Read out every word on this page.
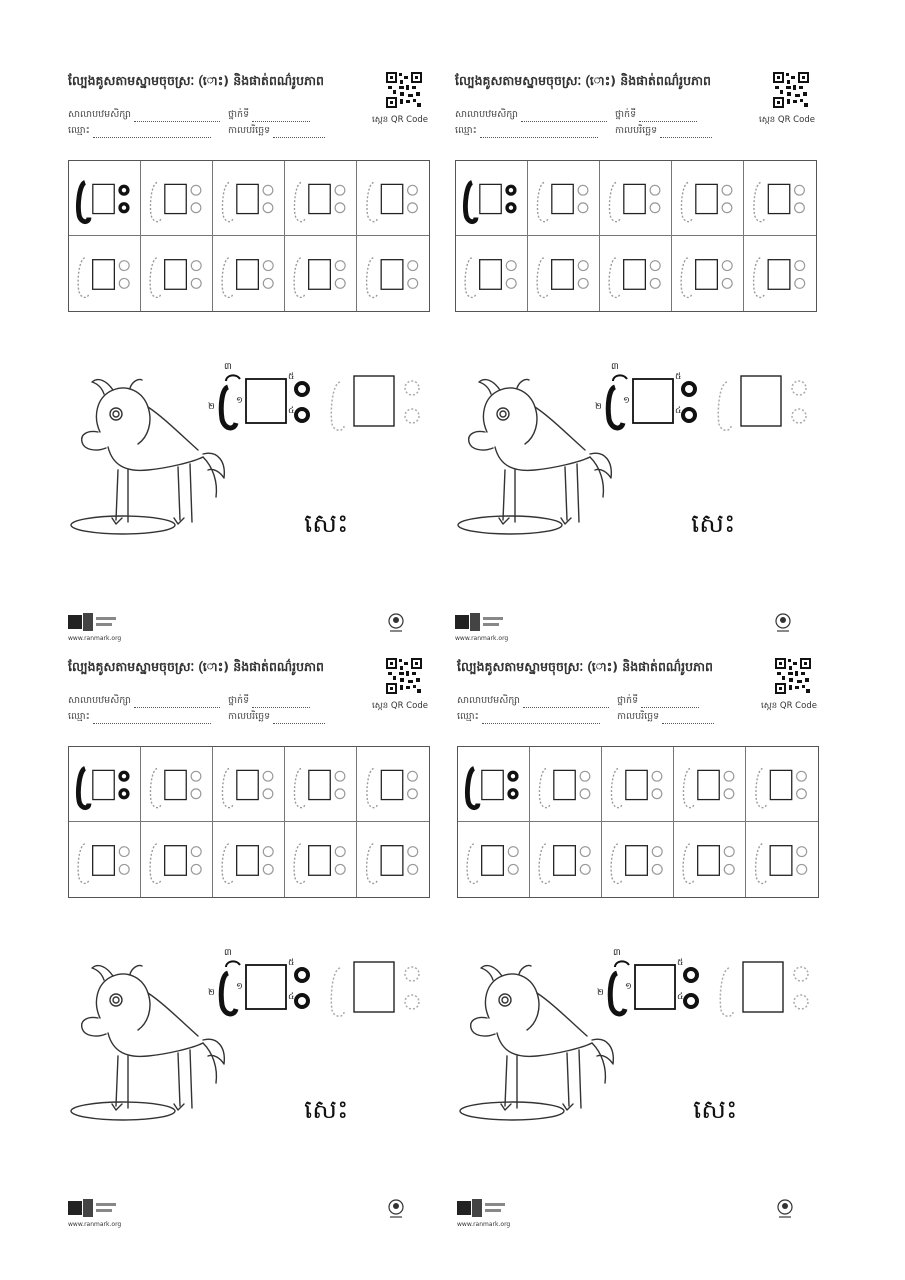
ល្បែងគូសតាមស្នាមចុចស្រៈ (ោះ) និងផាត់ពណ៌រូបភាព
សាលាបឋមសិក្សា	ថ្នាក់ទី
ឈ្មោះ	កាលបរិច្ឆេទ
ស្កេន QR Code
៣
២
១
៥
៤
សេះ
www.ranmark.org
ល្បែងគូសតាមស្នាមចុចស្រៈ (ោះ) និងផាត់ពណ៌រូបភាព
សាលាបឋមសិក្សា	ថ្នាក់ទី
ឈ្មោះ	កាលបរិច្ឆេទ
ស្កេន QR Code
៣
២
១
៥
៤
សេះ
www.ranmark.org
ល្បែងគូសតាមស្នាមចុចស្រៈ (ោះ) និងផាត់ពណ៌រូបភាព
សាលាបឋមសិក្សា	ថ្នាក់ទី
ឈ្មោះ	កាលបរិច្ឆេទ
ស្កេន QR Code
៣
២
១
៥
៤
សេះ
www.ranmark.org
ល្បែងគូសតាមស្នាមចុចស្រៈ (ោះ) និងផាត់ពណ៌រូបភាព
សាលាបឋមសិក្សា	ថ្នាក់ទី
ឈ្មោះ	កាលបរិច្ឆេទ
ស្កេន QR Code
៣
២
១
៥
៤
សេះ
www.ranmark.org
